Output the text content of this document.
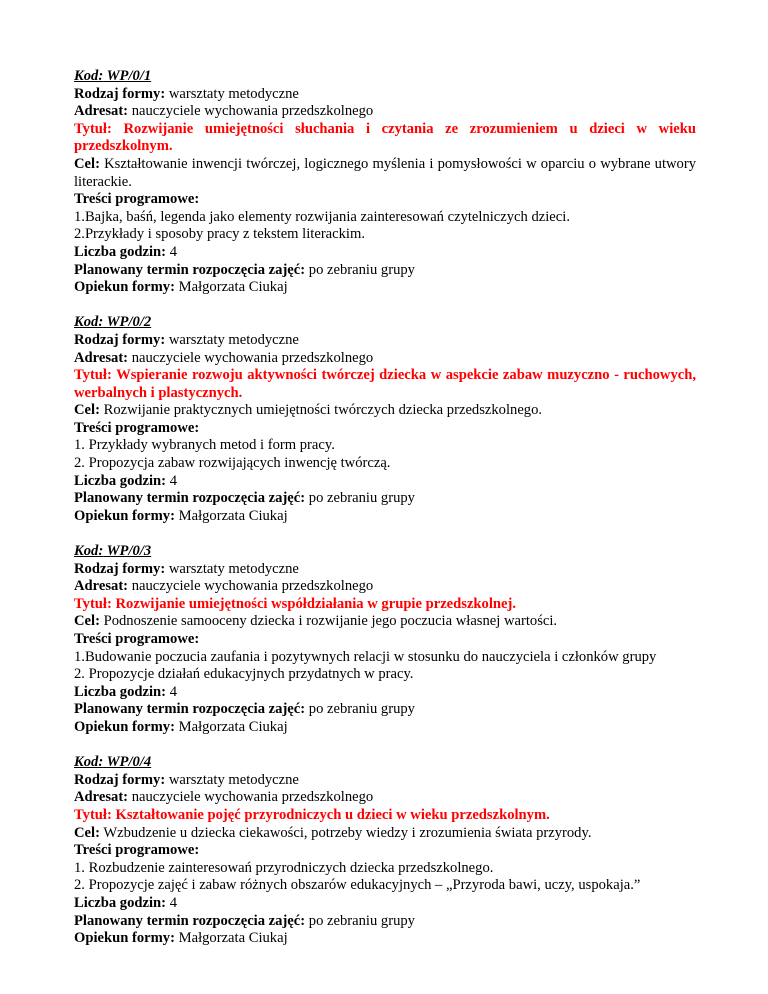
Kod: WP/0/1

Rodzaj formy: warsztaty metodyczne

Adresat: nauczyciele wychowania przedszkolnego

Tytuł: Rozwijanie umiejętności słuchania i czytania ze zrozumieniem u dzieci w wieku przedszkolnym.

Cel: Kształtowanie inwencji twórczej, logicznego myślenia i pomysłowości w oparciu o wybrane utwory literackie.

Treści programowe:

1.Bajka, baśń, legenda jako elementy rozwijania zainteresowań czytelniczych dzieci.

2.Przykłady i sposoby pracy z tekstem literackim.

Liczba godzin: 4

Planowany termin rozpoczęcia zajęć: po zebraniu grupy

Opiekun formy: Małgorzata Ciukaj

Kod: WP/0/2

Rodzaj formy: warsztaty metodyczne

Adresat: nauczyciele wychowania przedszkolnego

Tytuł: Wspieranie rozwoju aktywności twórczej dziecka w aspekcie zabaw muzyczno - ruchowych, werbalnych i plastycznych.

Cel: Rozwijanie praktycznych umiejętności twórczych dziecka przedszkolnego.

Treści programowe:

1. Przykłady wybranych metod i form pracy.

2. Propozycja zabaw rozwijających inwencję twórczą.

Liczba godzin: 4

Planowany termin rozpoczęcia zajęć: po zebraniu grupy

Opiekun formy: Małgorzata Ciukaj

Kod: WP/0/3

Rodzaj formy: warsztaty metodyczne

Adresat: nauczyciele wychowania przedszkolnego

Tytuł: Rozwijanie umiejętności współdziałania w grupie przedszkolnej.

Cel: Podnoszenie samooceny dziecka i rozwijanie jego poczucia własnej wartości.

Treści programowe:

1.Budowanie poczucia zaufania i pozytywnych relacji w stosunku do nauczyciela i członków grupy

2. Propozycje działań edukacyjnych przydatnych w pracy.

Liczba godzin: 4

Planowany termin rozpoczęcia zajęć: po zebraniu grupy

Opiekun formy: Małgorzata Ciukaj

Kod: WP/0/4

Rodzaj formy: warsztaty metodyczne

Adresat: nauczyciele wychowania przedszkolnego

Tytuł: Kształtowanie pojęć przyrodniczych u dzieci w wieku przedszkolnym.

Cel: Wzbudzenie u dziecka ciekawości, potrzeby wiedzy i zrozumienia świata przyrody.

Treści programowe:

1. Rozbudzenie zainteresowań przyrodniczych dziecka przedszkolnego.

2. Propozycje zajęć i zabaw różnych obszarów edukacyjnych – „Przyroda bawi, uczy, uspokaja.”

Liczba godzin: 4

Planowany termin rozpoczęcia zajęć: po zebraniu grupy

Opiekun formy: Małgorzata Ciukaj
